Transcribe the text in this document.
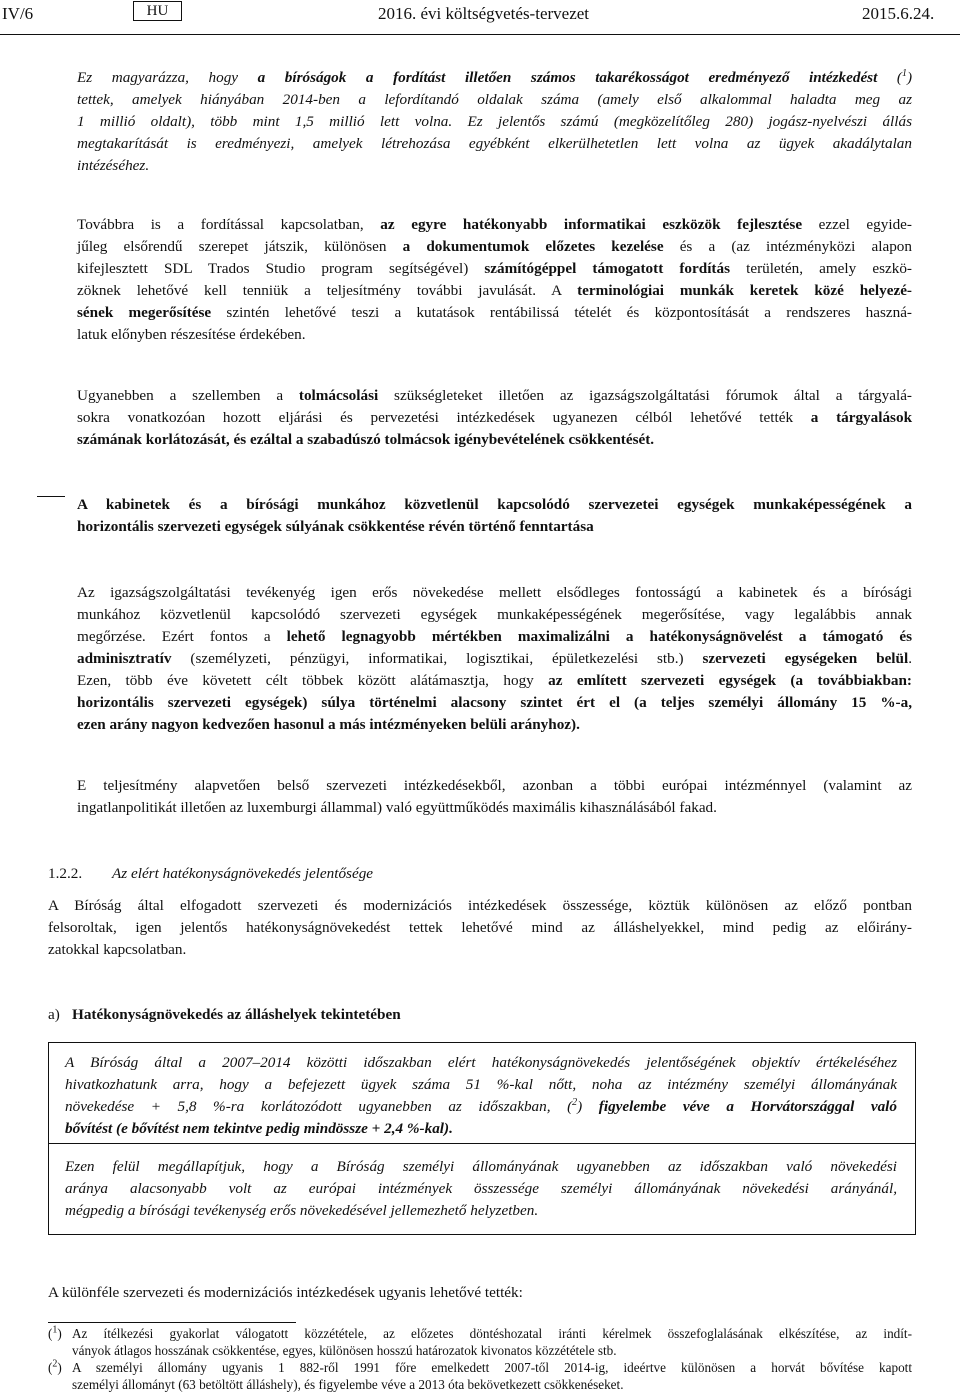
IV/6	HU	2016. évi költségvetés-tervezet	2015.6.24.
Ez magyarázza, hogy a bíróságok a fordítást illetően számos takarékosságot eredményező intézkedést ($^1$)
tettek, amelyek hiányában 2014-ben a lefordítandó oldalak száma (amely első alkalommal haladta meg az
1 millió oldalt), több mint 1,5 millió lett volna. Ez jelentős számú (megközelítőleg 280) jogász-nyelvészi állás
megtakarítását is eredményezi, amelyek létrehozása egyébként elkerülhetetlen lett volna az ügyek akadálytalan
intézéséhez.
Továbbra is a fordítással kapcsolatban, az egyre hatékonyabb informatikai eszközök fejlesztése ezzel egyide-
jűleg elsőrendű szerepet játszik, különösen a dokumentumok előzetes kezelése és a (az intézményközi alapon
kifejlesztett SDL Trados Studio program segítségével) számítógéppel támogatott fordítás területén, amely eszkö-
zöknek lehetővé kell tenniük a teljesítmény további javulását. A terminológiai munkák keretek közé helyezé-
sének megerősítése szintén lehetővé teszi a kutatások rentábilissá tételét és központosítását a rendszeres haszná-
latuk előnyben részesítése érdekében.
Ugyanebben a szellemben a tolmácsolási szükségleteket illetően az igazságszolgáltatási fórumok által a tárgyalá-
sokra vonatkozóan hozott eljárási és pervezetési intézkedések ugyanezen célból lehetővé tették a tárgyalások
számának korlátozását, és ezáltal a szabadúszó tolmácsok igénybevételének csökkentését.
A kabinetek és a bírósági munkához közvetlenül kapcsolódó szervezetei egységek munkaképességének a
horizontális szervezeti egységek súlyának csökkentése révén történő fenntartása
Az igazságszolgáltatási tevékenyég igen erős növekedése mellett elsődleges fontosságú a kabinetek és a bírósági
munkához közvetlenül kapcsolódó szervezeti egységek munkaképességének megerősítése, vagy legalábbis annak
megőrzése. Ezért fontos a lehető legnagyobb mértékben maximalizálni a hatékonyságnövelést a támogató és
adminisztratív (személyzeti, pénzügyi, informatikai, logisztikai, épületkezelési stb.) szervezeti egységeken belül.
Ezen, több éve követett célt többek között alátámasztja, hogy az említett szervezeti egységek (a továbbiakban:
horizontális szervezeti egységek) súlya történelmi alacsony szintet ért el (a teljes személyi állomány 15 %-a,
ezen arány nagyon kedvezően hasonul a más intézményeken belüli arányhoz).
E teljesítmény alapvetően belső szervezeti intézkedésekből, azonban a többi európai intézménnyel (valamint az
ingatlanpolitikát illetően az luxemburgi állammal) való együttműködés maximális kihasználásából fakad.
1.2.2. Az elért hatékonyságnövekedés jelentősége
A Bíróság által elfogadott szervezeti és modernizációs intézkedések összessége, köztük különösen az előző pontban
felsoroltak, igen jelentős hatékonyságnövekedést tettek lehetővé mind az álláshelyekkel, mind pedig az előirány-
zatokkal kapcsolatban.
a) Hatékonyságnövekedés az álláshelyek tekintetében
A Bíróság által a 2007–2014 közötti időszakban elért hatékonyságnövekedés jelentőségének objektív értékeléséhez
hivatkozhatunk arra, hogy a befejezett ügyek száma 51 %-kal nőtt, noha az intézmény személyi állományának
növekedése + 5,8 %-ra korlátozódott ugyanebben az időszakban, ($^2$) figyelembe véve a Horvátországgal való
bővítést (e bővítést nem tekintve pedig mindössze + 2,4 %-kal).
Ezen felül megállapítjuk, hogy a Bíróság személyi állományának ugyanebben az időszakban való növekedési
aránya alacsonyabb volt az európai intézmények összessége személyi állományának növekedési arányánál,
mégpedig a bírósági tevékenység erős növekedésével jellemezhető helyzetben.
A különféle szervezeti és modernizációs intézkedések ugyanis lehetővé tették:
($^1$) Az ítélkezési gyakorlat válogatott közzététele, az előzetes döntéshozatal iránti kérelmek összefoglalásának elkészítése, az indít-
ványok átlagos hosszának csökkentése, egyes, különösen hosszú határozatok kivonatos közzététele stb.
($^2$) A személyi állomány ugyanis 1 882-ről 1991 főre emelkedett 2007-től 2014-ig, ideértve különösen a horvát bővítése kapott
személyi állományt (63 betöltött álláshely), és figyelembe véve a 2013 óta bekövetkezett csökkenéseket.
